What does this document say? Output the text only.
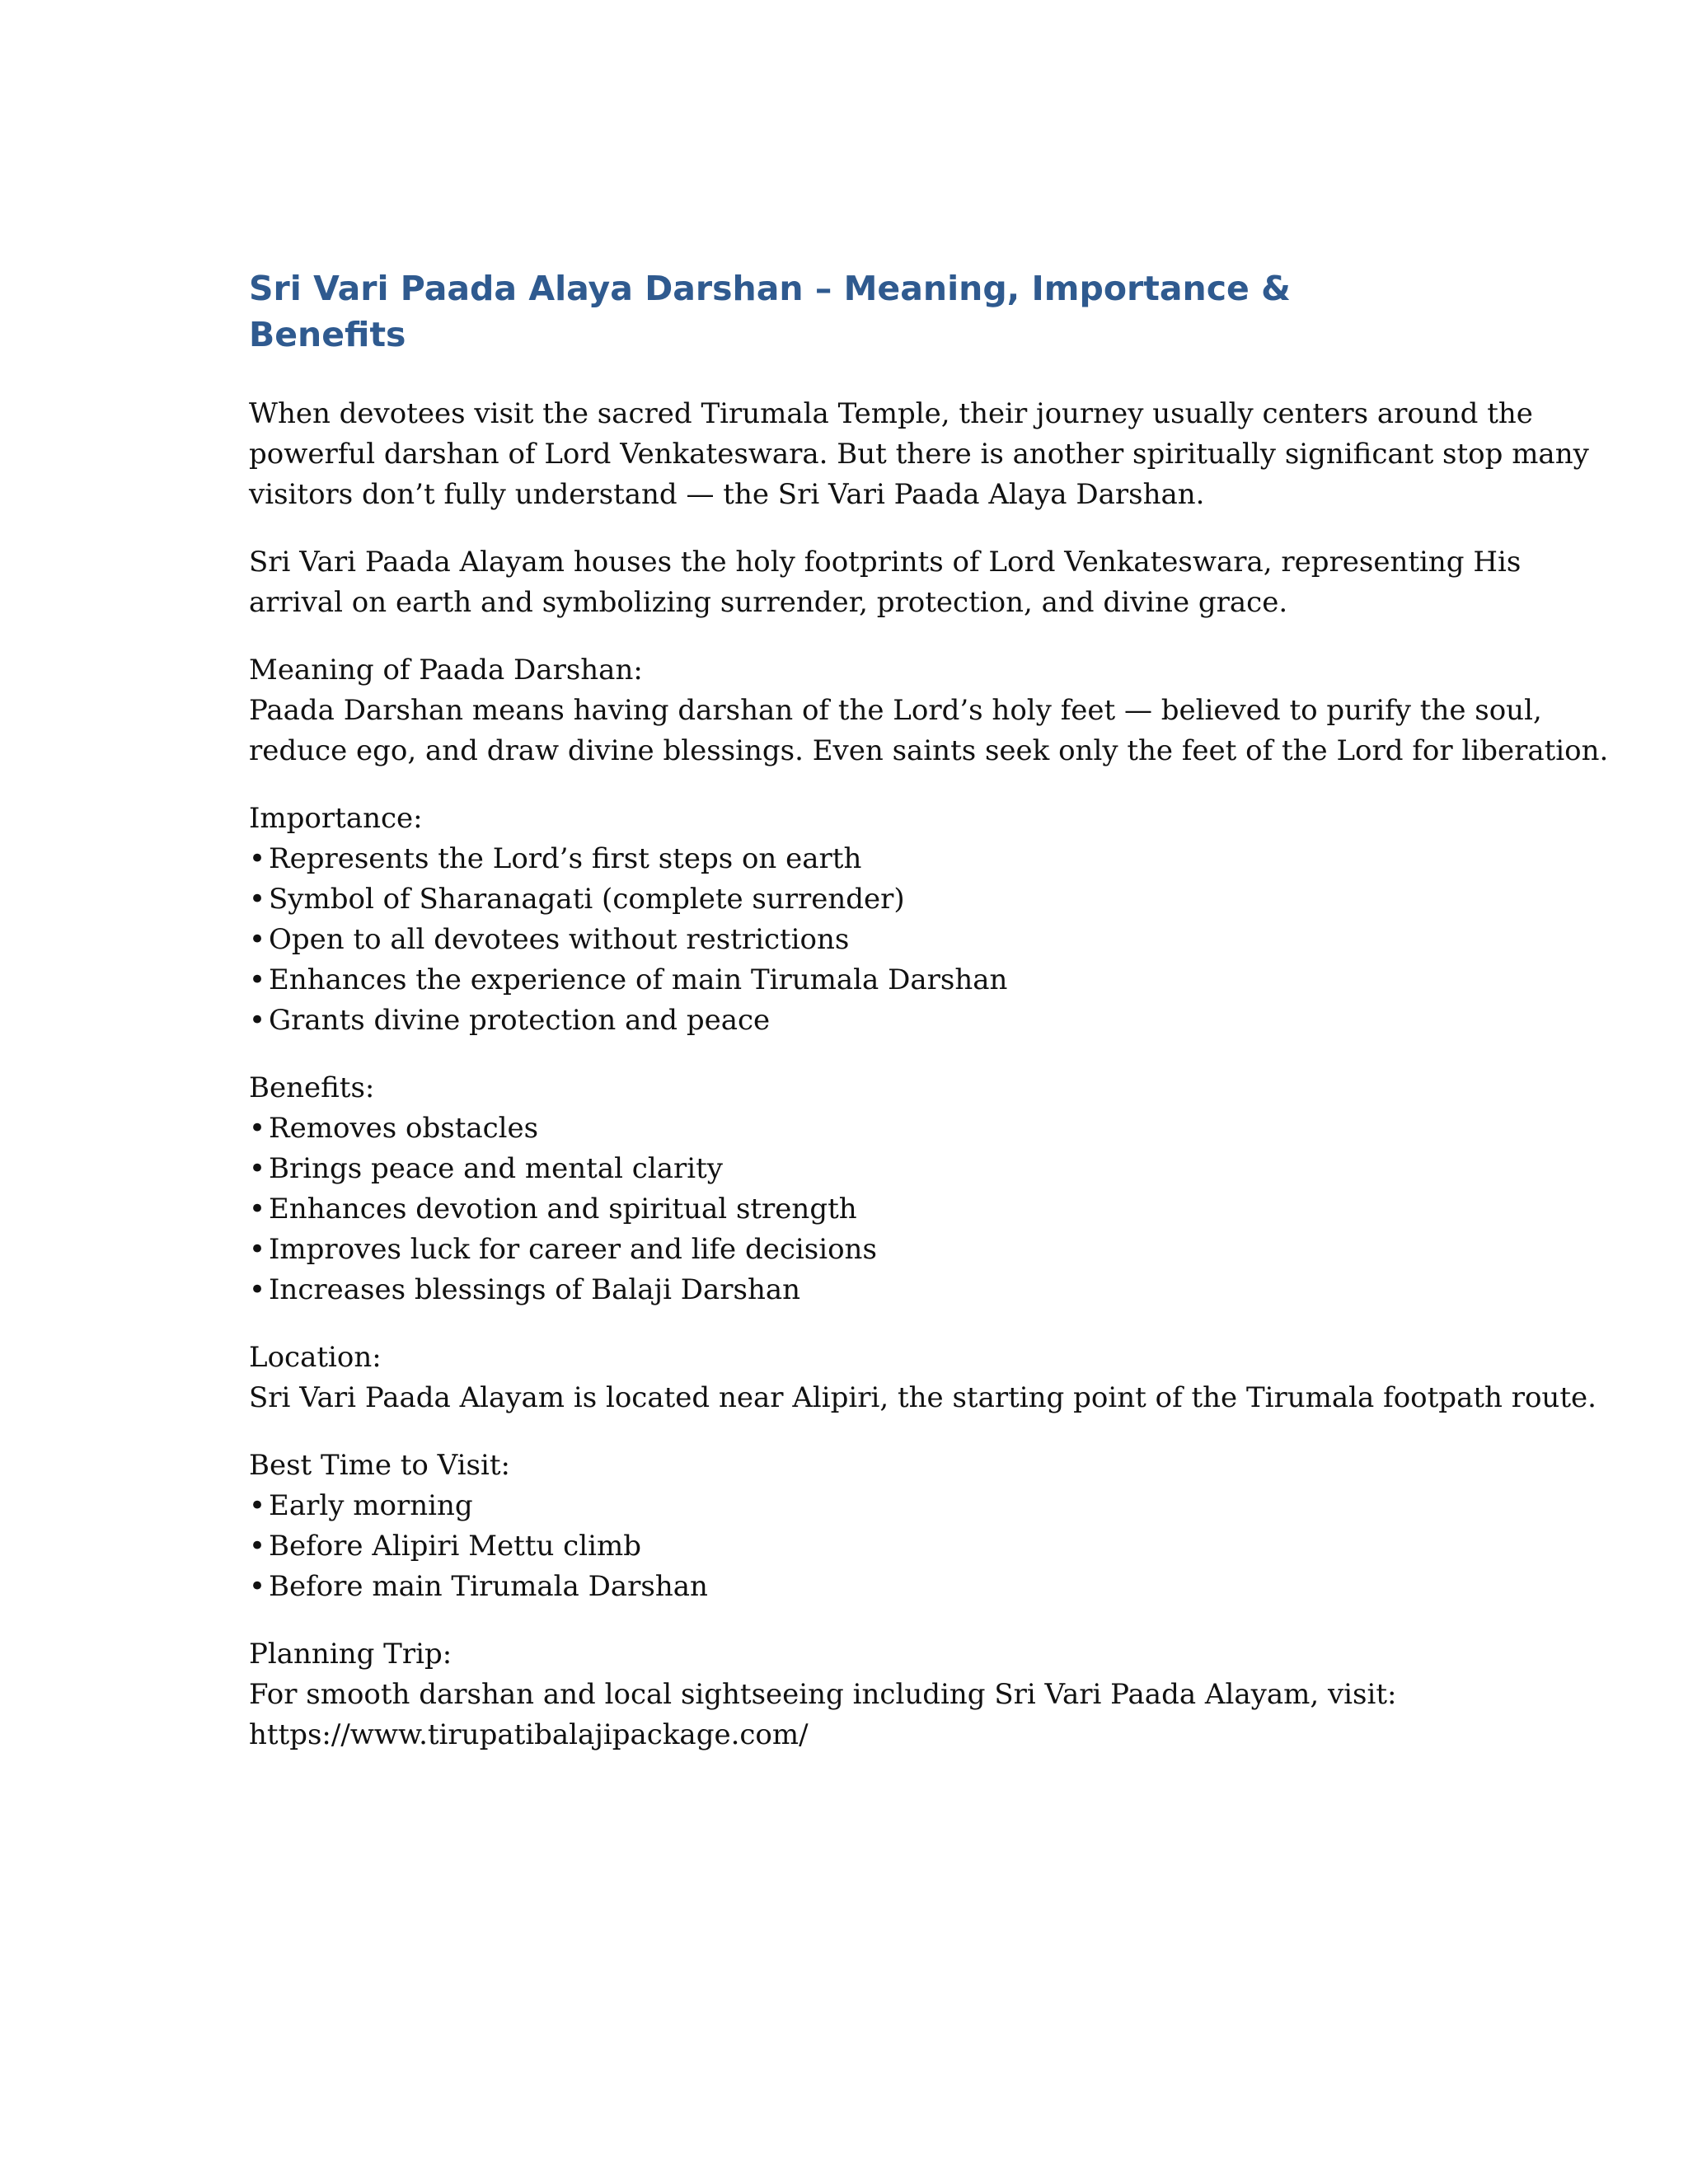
Sri Vari Paada Alaya Darshan – Meaning, Importance & Benefits

When devotees visit the sacred Tirumala Temple, their journey usually centers around the
powerful darshan of Lord Venkateswara. But there is another spiritually significant stop many
visitors don’t fully understand — the Sri Vari Paada Alaya Darshan.

Sri Vari Paada Alayam houses the holy footprints of Lord Venkateswara, representing His
arrival on earth and symbolizing surrender, protection, and divine grace.

Meaning of Paada Darshan:
Paada Darshan means having darshan of the Lord’s holy feet — believed to purify the soul,
reduce ego, and draw divine blessings. Even saints seek only the feet of the Lord for liberation.
Importance:
• Represents the Lord’s first steps on earth
• Symbol of Sharanagati (complete surrender)
• Open to all devotees without restrictions
• Enhances the experience of main Tirumala Darshan
• Grants divine protection and peace
Benefits:
• Removes obstacles
• Brings peace and mental clarity
• Enhances devotion and spiritual strength
• Improves luck for career and life decisions
• Increases blessings of Balaji Darshan
Location:
Sri Vari Paada Alayam is located near Alipiri, the starting point of the Tirumala footpath route.
Best Time to Visit:
• Early morning
• Before Alipiri Mettu climb
• Before main Tirumala Darshan
Planning Trip:
For smooth darshan and local sightseeing including Sri Vari Paada Alayam, visit:
https://www.tirupatibalajipackage.com/
